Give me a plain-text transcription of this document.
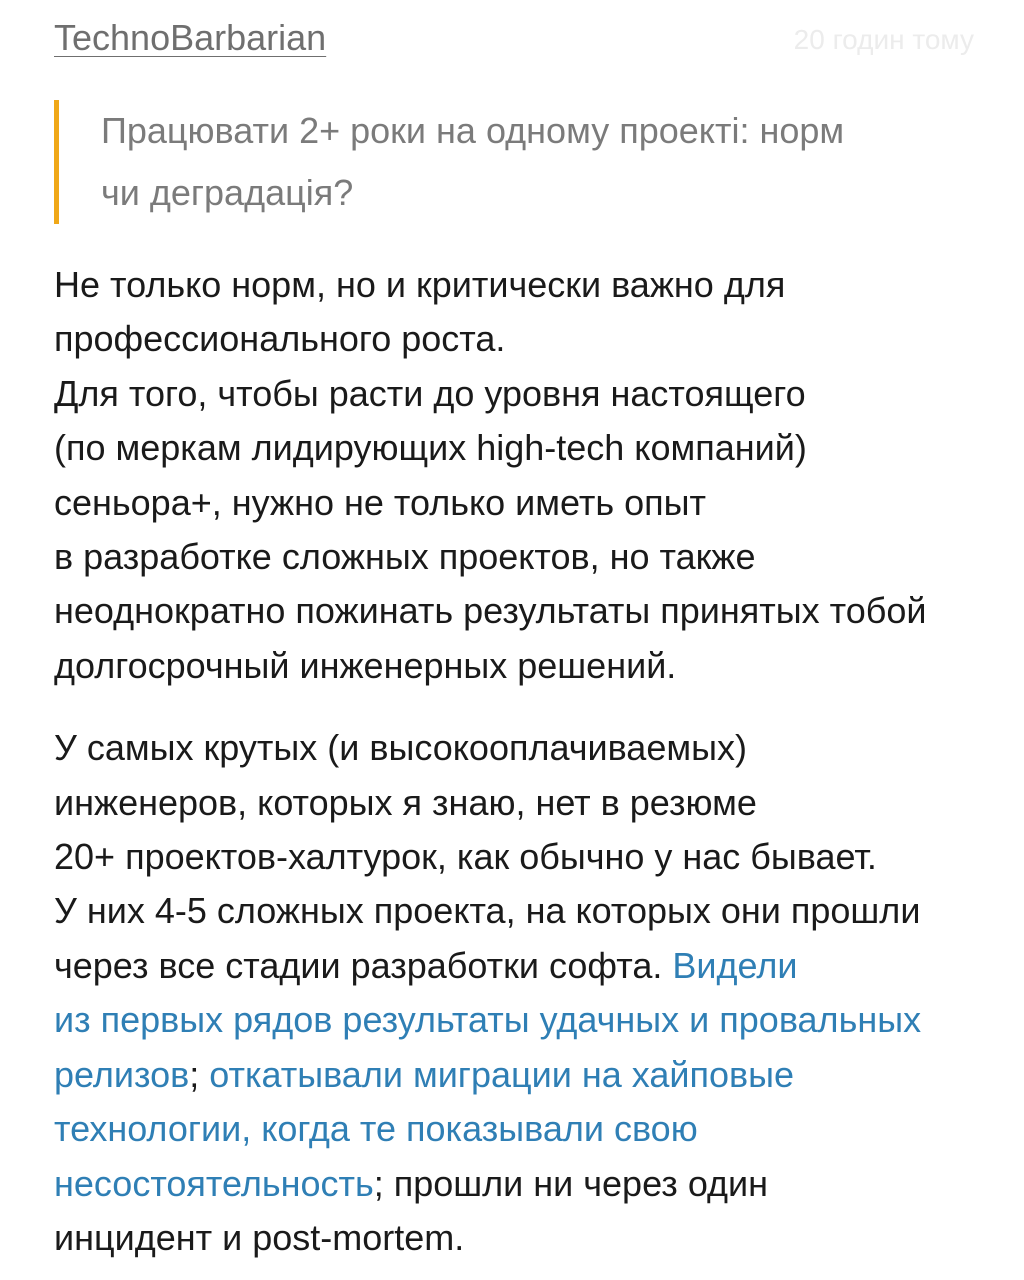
TechnoBarbarian	20 годин тому
Працювати 2+ роки на одному проекті: норм
чи деградація?
Не только норм, но и критически важно для
профессионального роста.
Для того, чтобы расти до уровня настоящего
(по меркам лидирующих high-tech компаний)
сеньора+, нужно не только иметь опыт
в разработке сложных проектов, но также
неоднократно пожинать результаты принятых тобой
долгосрочный инженерных решений.
У самых крутых (и высокооплачиваемых)
инженеров, которых я знаю, нет в резюме
20+ проектов-халтурок, как обычно у нас бывает.
У них 4-5 сложных проекта, на которых они прошли
через все стадии разработки софта. Видели
из первых рядов результаты удачных и провальных
релизов; откатывали миграции на хайповые
технологии, когда те показывали свою
несостоятельность; прошли ни через один
инцидент и post-mortem.
